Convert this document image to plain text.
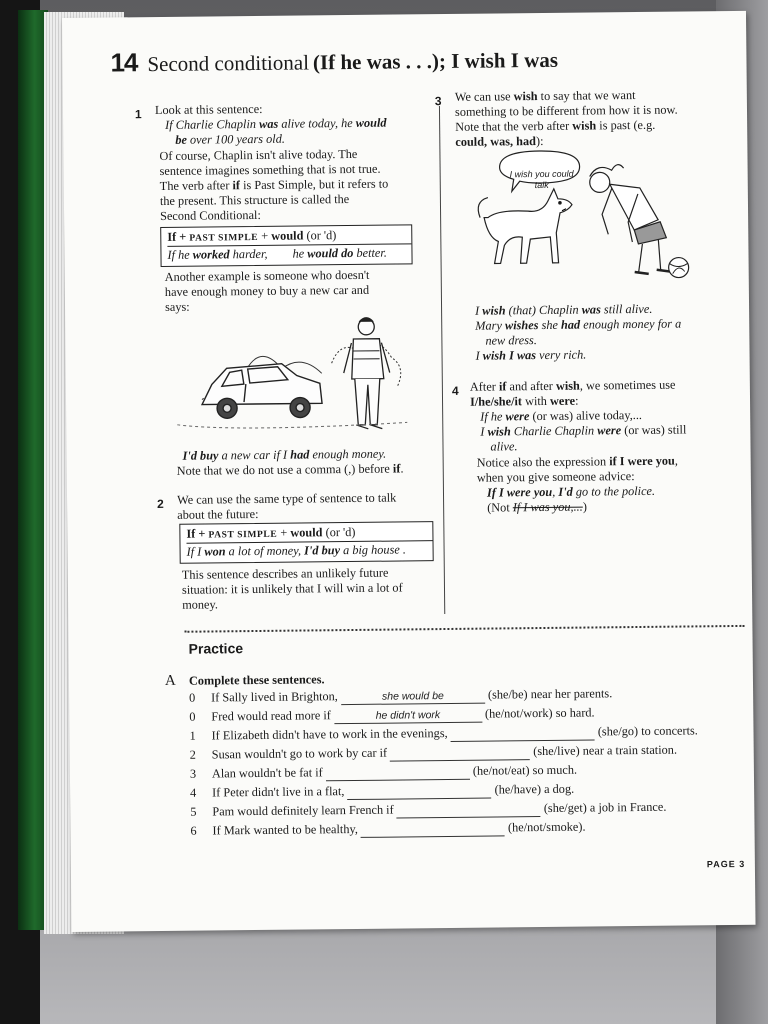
14 Second conditional (If he was . . .); I wish I was
1 Look at this sentence:
If Charlie Chaplin was alive today, he would
be over 100 years old.
Of course, Chaplin isn't alive today. The
sentence imagines something that is not true.
The verb after if is Past Simple, but it refers to
the present. This structure is called the
Second Conditional:
If + PAST SIMPLE + would (or 'd)
If he worked harder, he would do better.
Another example is someone who doesn't
have enough money to buy a new car and
says:
I'd buy a new car if I had enough money.
Note that we do not use a comma (,) before if.
2 We can use the same type of sentence to talk
about the future:
If + PAST SIMPLE + would (or 'd)
If I won a lot of money, I'd buy a big house .
This sentence describes an unlikely future
situation: it is unlikely that I will win a lot of
money.
3 We can use wish to say that we want
something to be different from how it is now.
Note that the verb after wish is past (e.g.
could, was, had):
I wish you could talk
I wish (that) Chaplin was still alive.
Mary wishes she had enough money for a
new dress.
I wish I was very rich.
4 After if and after wish, we sometimes use
I/he/she/it with were:
If he were (or was) alive today,...
I wish Charlie Chaplin were (or was) still
alive.
Notice also the expression if I were you,
when you give someone advice:
If I were you, I'd go to the police.
(Not If I was you,...)
Practice
A Complete these sentences.
0 If Sally lived in Brighton,	she would be	(she/be) near her parents.
0 Fred would read more if	he didn't work	(he/not/work) so hard.
1 If Elizabeth didn't have to work in the evenings,	(she/go) to concerts.
2 Susan wouldn't go to work by car if	(she/live) near a train station.
3 Alan wouldn't be fat if	(he/not/eat) so much.
4 If Peter didn't live in a flat,	(he/have) a dog.
5 Pam would definitely learn French if	(she/get) a job in France.
6 If Mark wanted to be healthy,	(he/not/smoke).
PAGE 3
